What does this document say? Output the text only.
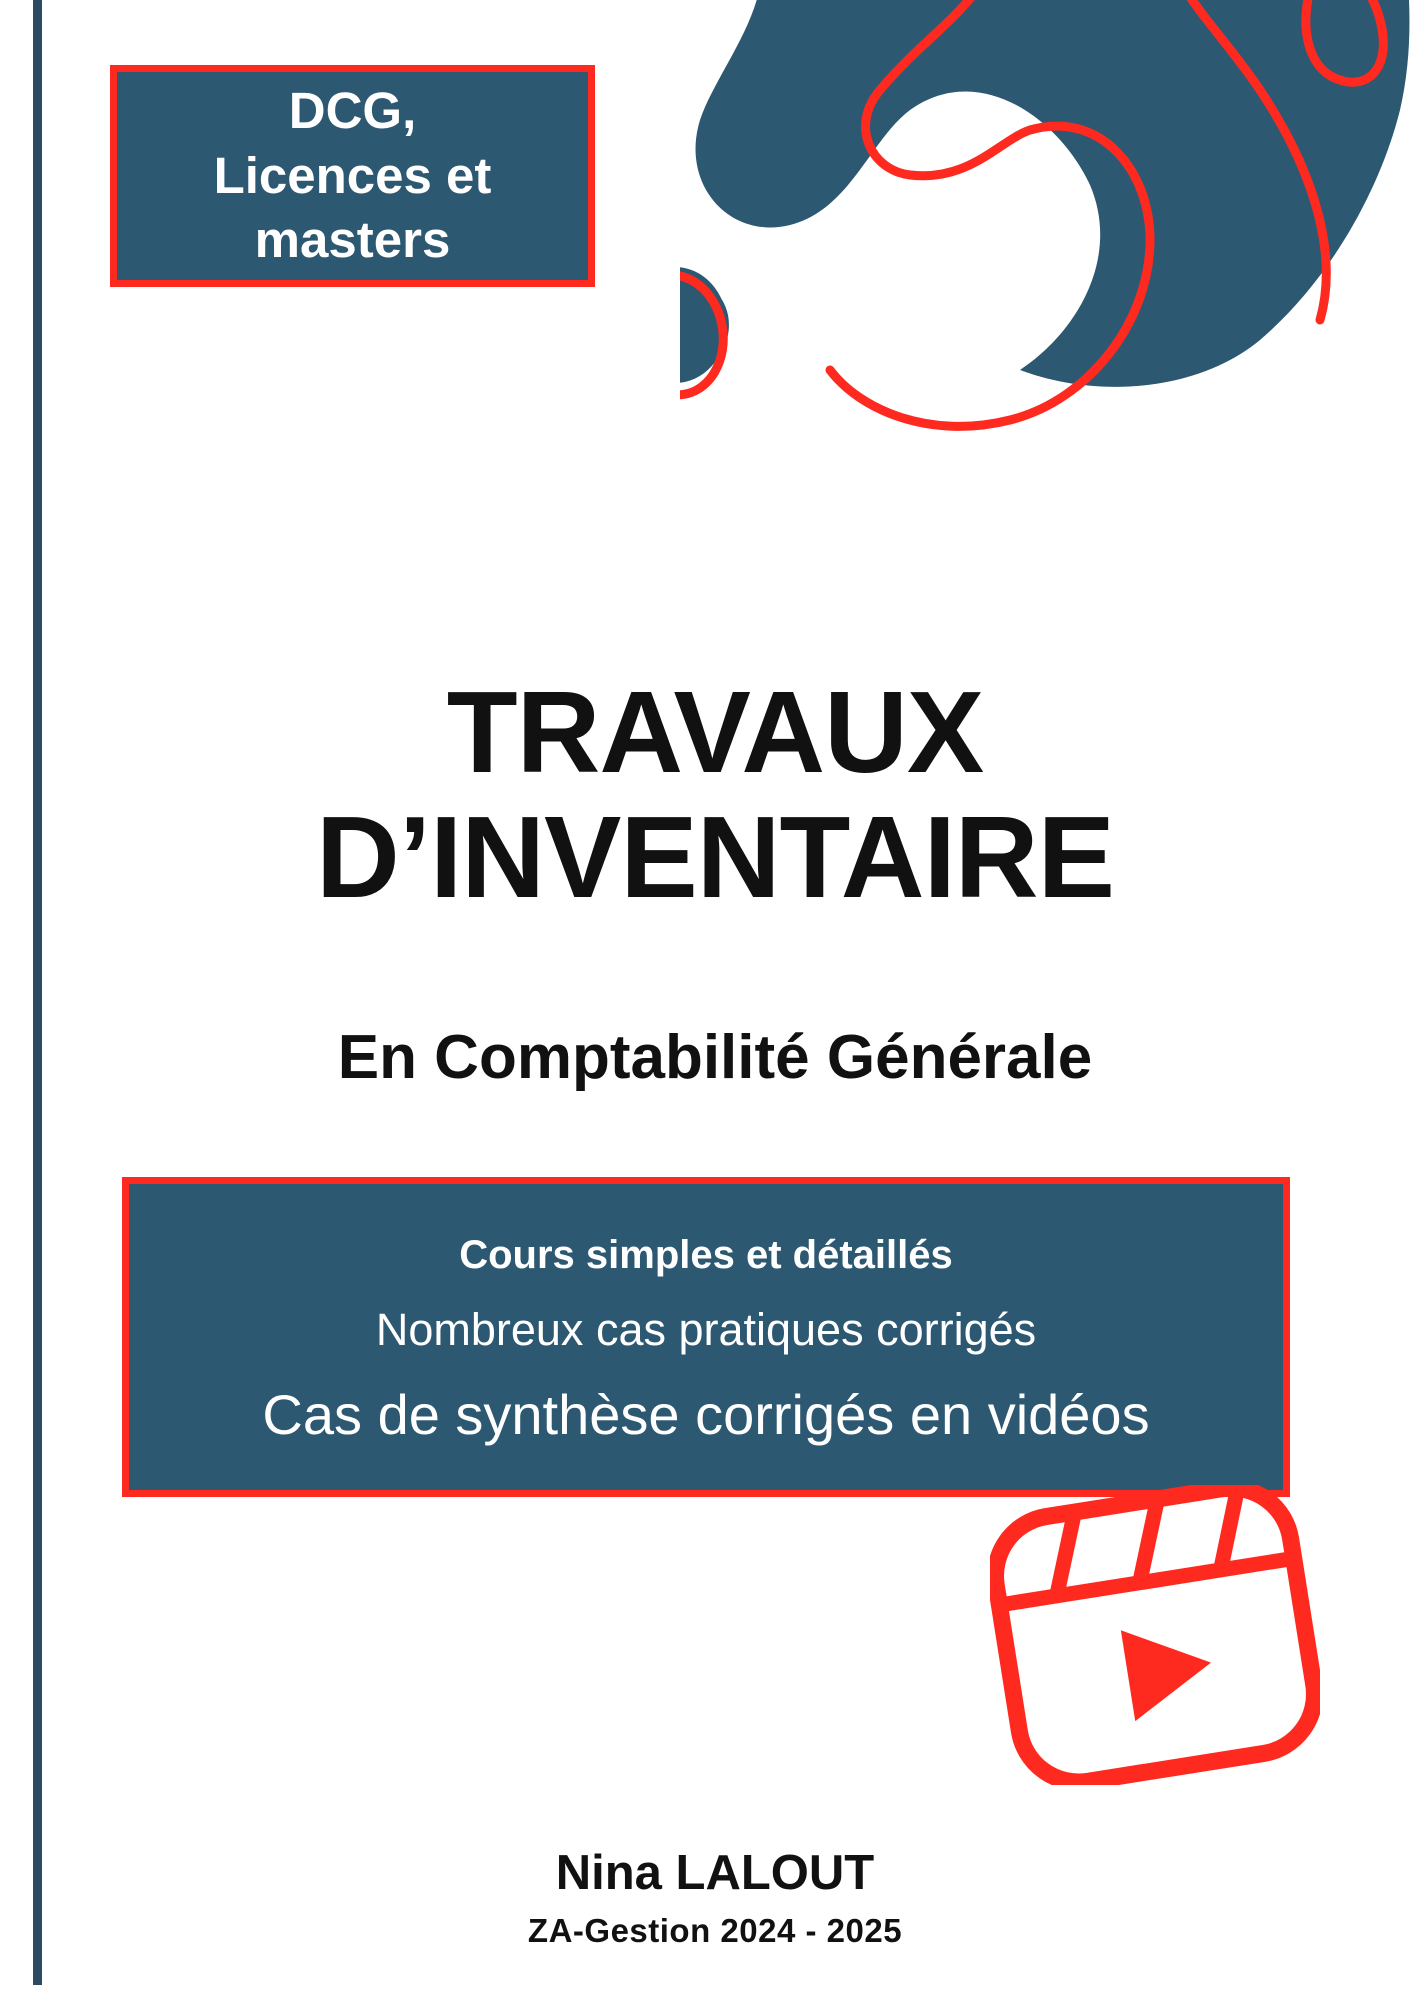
DCG,
Licences et
masters
TRAVAUX
D’INVENTAIRE
En Comptabilité Générale
Cours simples et détaillés
Nombreux cas pratiques corrigés
Cas de synthèse corrigés en vidéos
Nina LALOUT
ZA-Gestion 2024 - 2025
